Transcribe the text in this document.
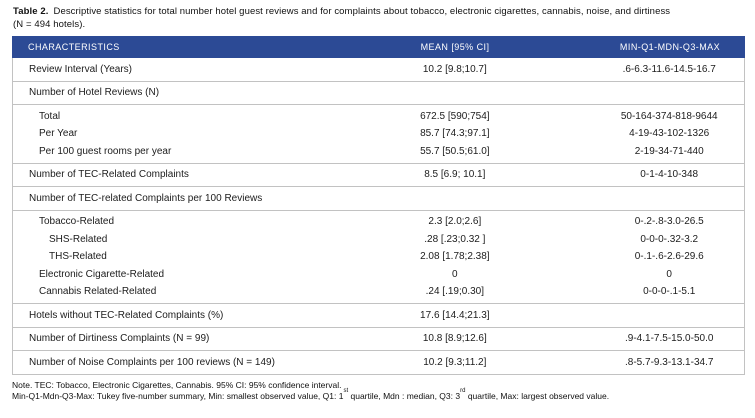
Table 2. Descriptive statistics for total number hotel guest reviews and for complaints about tobacco, electronic cigarettes, cannabis, noise, and dirtiness
(N = 494 hotels).

CHARACTERISTICS	MEAN [95% CI]	MIN-Q1-MDN-Q3-MAX
Review Interval (Years)	10.2 [9.8;10.7]	.6-6.3-11.6-14.5-16.7
Number of Hotel Reviews (N)
Total	672.5 [590;754]	50-164-374-818-9644
Per Year	85.7 [74.3;97.1]	4-19-43-102-1326
Per 100 guest rooms per year	55.7 [50.5;61.0]	2-19-34-71-440
Number of TEC-Related Complaints	8.5 [6.9; 10.1]	0-1-4-10-348
Number of TEC-related Complaints per 100 Reviews
Tobacco-Related	2.3 [2.0;2.6]	0-.2-.8-3.0-26.5
SHS-Related	.28 [.23;0.32 ]	0-0-0-.32-3.2
THS-Related	2.08 [1.78;2.38]	0-.1-.6-2.6-29.6
Electronic Cigarette-Related	0	0
Cannabis Related-Related	.24 [.19;0.30]	0-0-0-.1-5.1
Hotels without TEC-Related Complaints (%)	17.6 [14.4;21.3]
Number of Dirtiness Complaints (N = 99)	10.8 [8.9;12.6]	.9-4.1-7.5-15.0-50.0
Number of Noise Complaints per 100 reviews (N = 149)	10.2 [9.3;11.2]	.8-5.7-9.3-13.1-34.7
Note. TEC: Tobacco, Electronic Cigarettes, Cannabis. 95% CI: 95% confidence interval.
Min-Q1-Mdn-Q3-Max: Tukey five-number summary, Min: smallest observed value, Q1: 1st quartile, Mdn : median, Q3: 3rd quartile, Max: largest observed value.
